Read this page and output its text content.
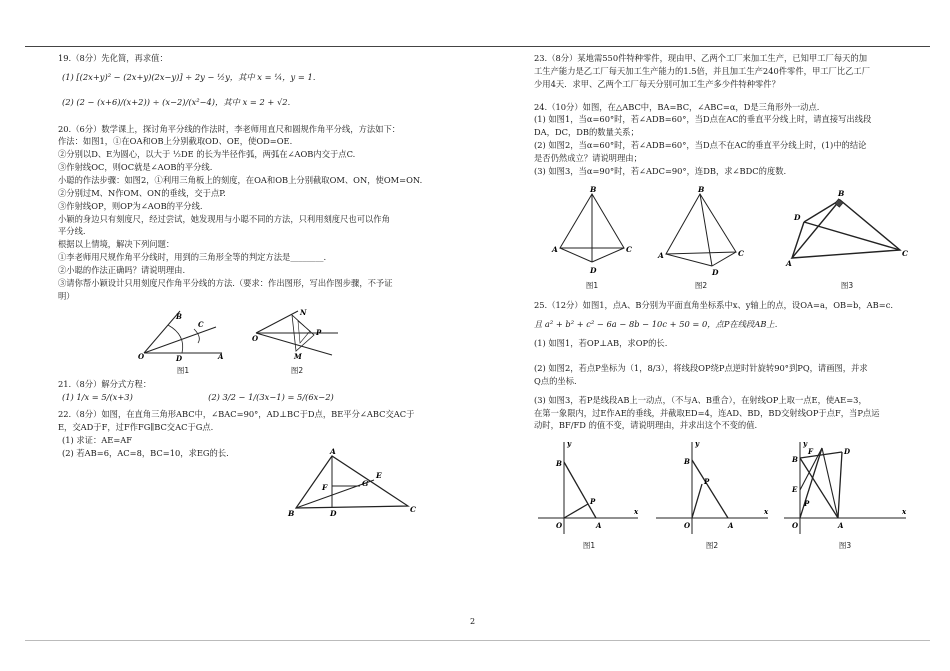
19.（8分）先化简，再求值：
(1) [(2x+y)² − (2x+y)(2x−y)] ÷ 2y − ½y，其中 x = ¼，y = 1．
(2) (2 − (x+6)/(x+2)) ÷ (x−2)/(x²−4)，其中 x = 2 + √2．
20.（6分）数学课上，探讨角平分线的作法时，李老师用直尺和圆规作角平分线，方法如下：
作法：如图1，①在OA和OB上分别截取OD、OE，使OD=OE.
②分别以D、E为圆心，以大于 ½DE 的长为半径作弧，两弧在∠AOB内交于点C.
③作射线OC，则OC就是∠AOB的平分线.
小聪的作法步骤：如图2，①利用三角板上的刻度，在OA和OB上分别截取OM、ON，使OM=ON.
②分别过M、N作OM、ON的垂线，交于点P.
③作射线OP，则OP为∠AOB的平分线.
小颖的身边只有刻度尺，经过尝试，她发现用与小聪不同的方法，只利用刻度尺也可以作角
平分线.
根据以上情境，解决下列问题：
①李老师用尺规作角平分线时，用到的三角形全等的判定方法是________.
②小聪的作法正确吗？请说明理由.
③请你帮小颖设计只用刻度尺作角平分线的方法.（要求：作出图形，写出作图步骤，不予证
明）
O
B
A
D
C
图1
N
P
M
O
图2
21.（8分）解分式方程：
(1) 1/x = 5/(x+3)	(2) 3/2 − 1/(3x−1) = 5/(6x−2)
22.（8分）如图，在直角三角形ABC中，∠BAC=90°，AD⊥BC于D点，BE平分∠ABC交AC于
E，交AD于F，过F作FG∥BC交AC于G点.
(1) 求证：AE=AF
(2) 若AB=6，AC=8，BC=10，求EG的长.	A
B	C
D
E
F	G
23.（8分）某地需550件特种零件，现由甲、乙两个工厂来加工生产，已知甲工厂每天的加
工生产能力是乙工厂每天加工生产能力的1.5倍，并且加工生产240件零件，甲工厂比乙工厂
少用4天．求甲、乙两个工厂每天分别可加工生产多少件特种零件？
24.（10分）如图，在△ABC中，BA=BC，∠ABC=α，D是三角形外一动点.
(1) 如图1，当α=60°时，若∠ADB=60°，当D点在AC的垂直平分线上时，请直接写出线段
DA，DC，DB的数量关系；
(2) 如图2，当α=60°时，若∠ADB=60°，当D点不在AC的垂直平分线上时，(1)中的结论
是否仍然成立？请说明理由；
(3) 如图3，当α=90°时，若∠ADC=90°，连DB，求∠BDC的度数.
B
A	C
D
图1
B
A	C
D
图2
B
D
A
C
图3
25.（12分）如图1，点A、B分别为平面直角坐标系中x、y轴上的点，设OA=a，OB=b，AB=c.
且 a² + b² + c² − 6a − 8b − 10c + 50 = 0，点P在线段AB上.
(1) 如图1，若OP⊥AB，求OP的长.
(2) 如图2，若点P坐标为（1，8/3），将线段OP绕P点逆时针旋转90°到PQ，请画图，并求
Q点的坐标.
(3) 如图3，若P是线段AB上一动点，（不与A、B重合），在射线OP上取一点E，使AE=3，
在第一象限内，过E作AE的垂线，并截取ED=4，连AD、BD，BD交射线OP于点F，当P点运
动时，BF/FD 的值不变，请说明理由，并求出这个不变的值.
y
x
B
P
O	A
图1
y
x
B
P
O	A
图2
y
x
B
F	D
E
P
O	A
图3
2
